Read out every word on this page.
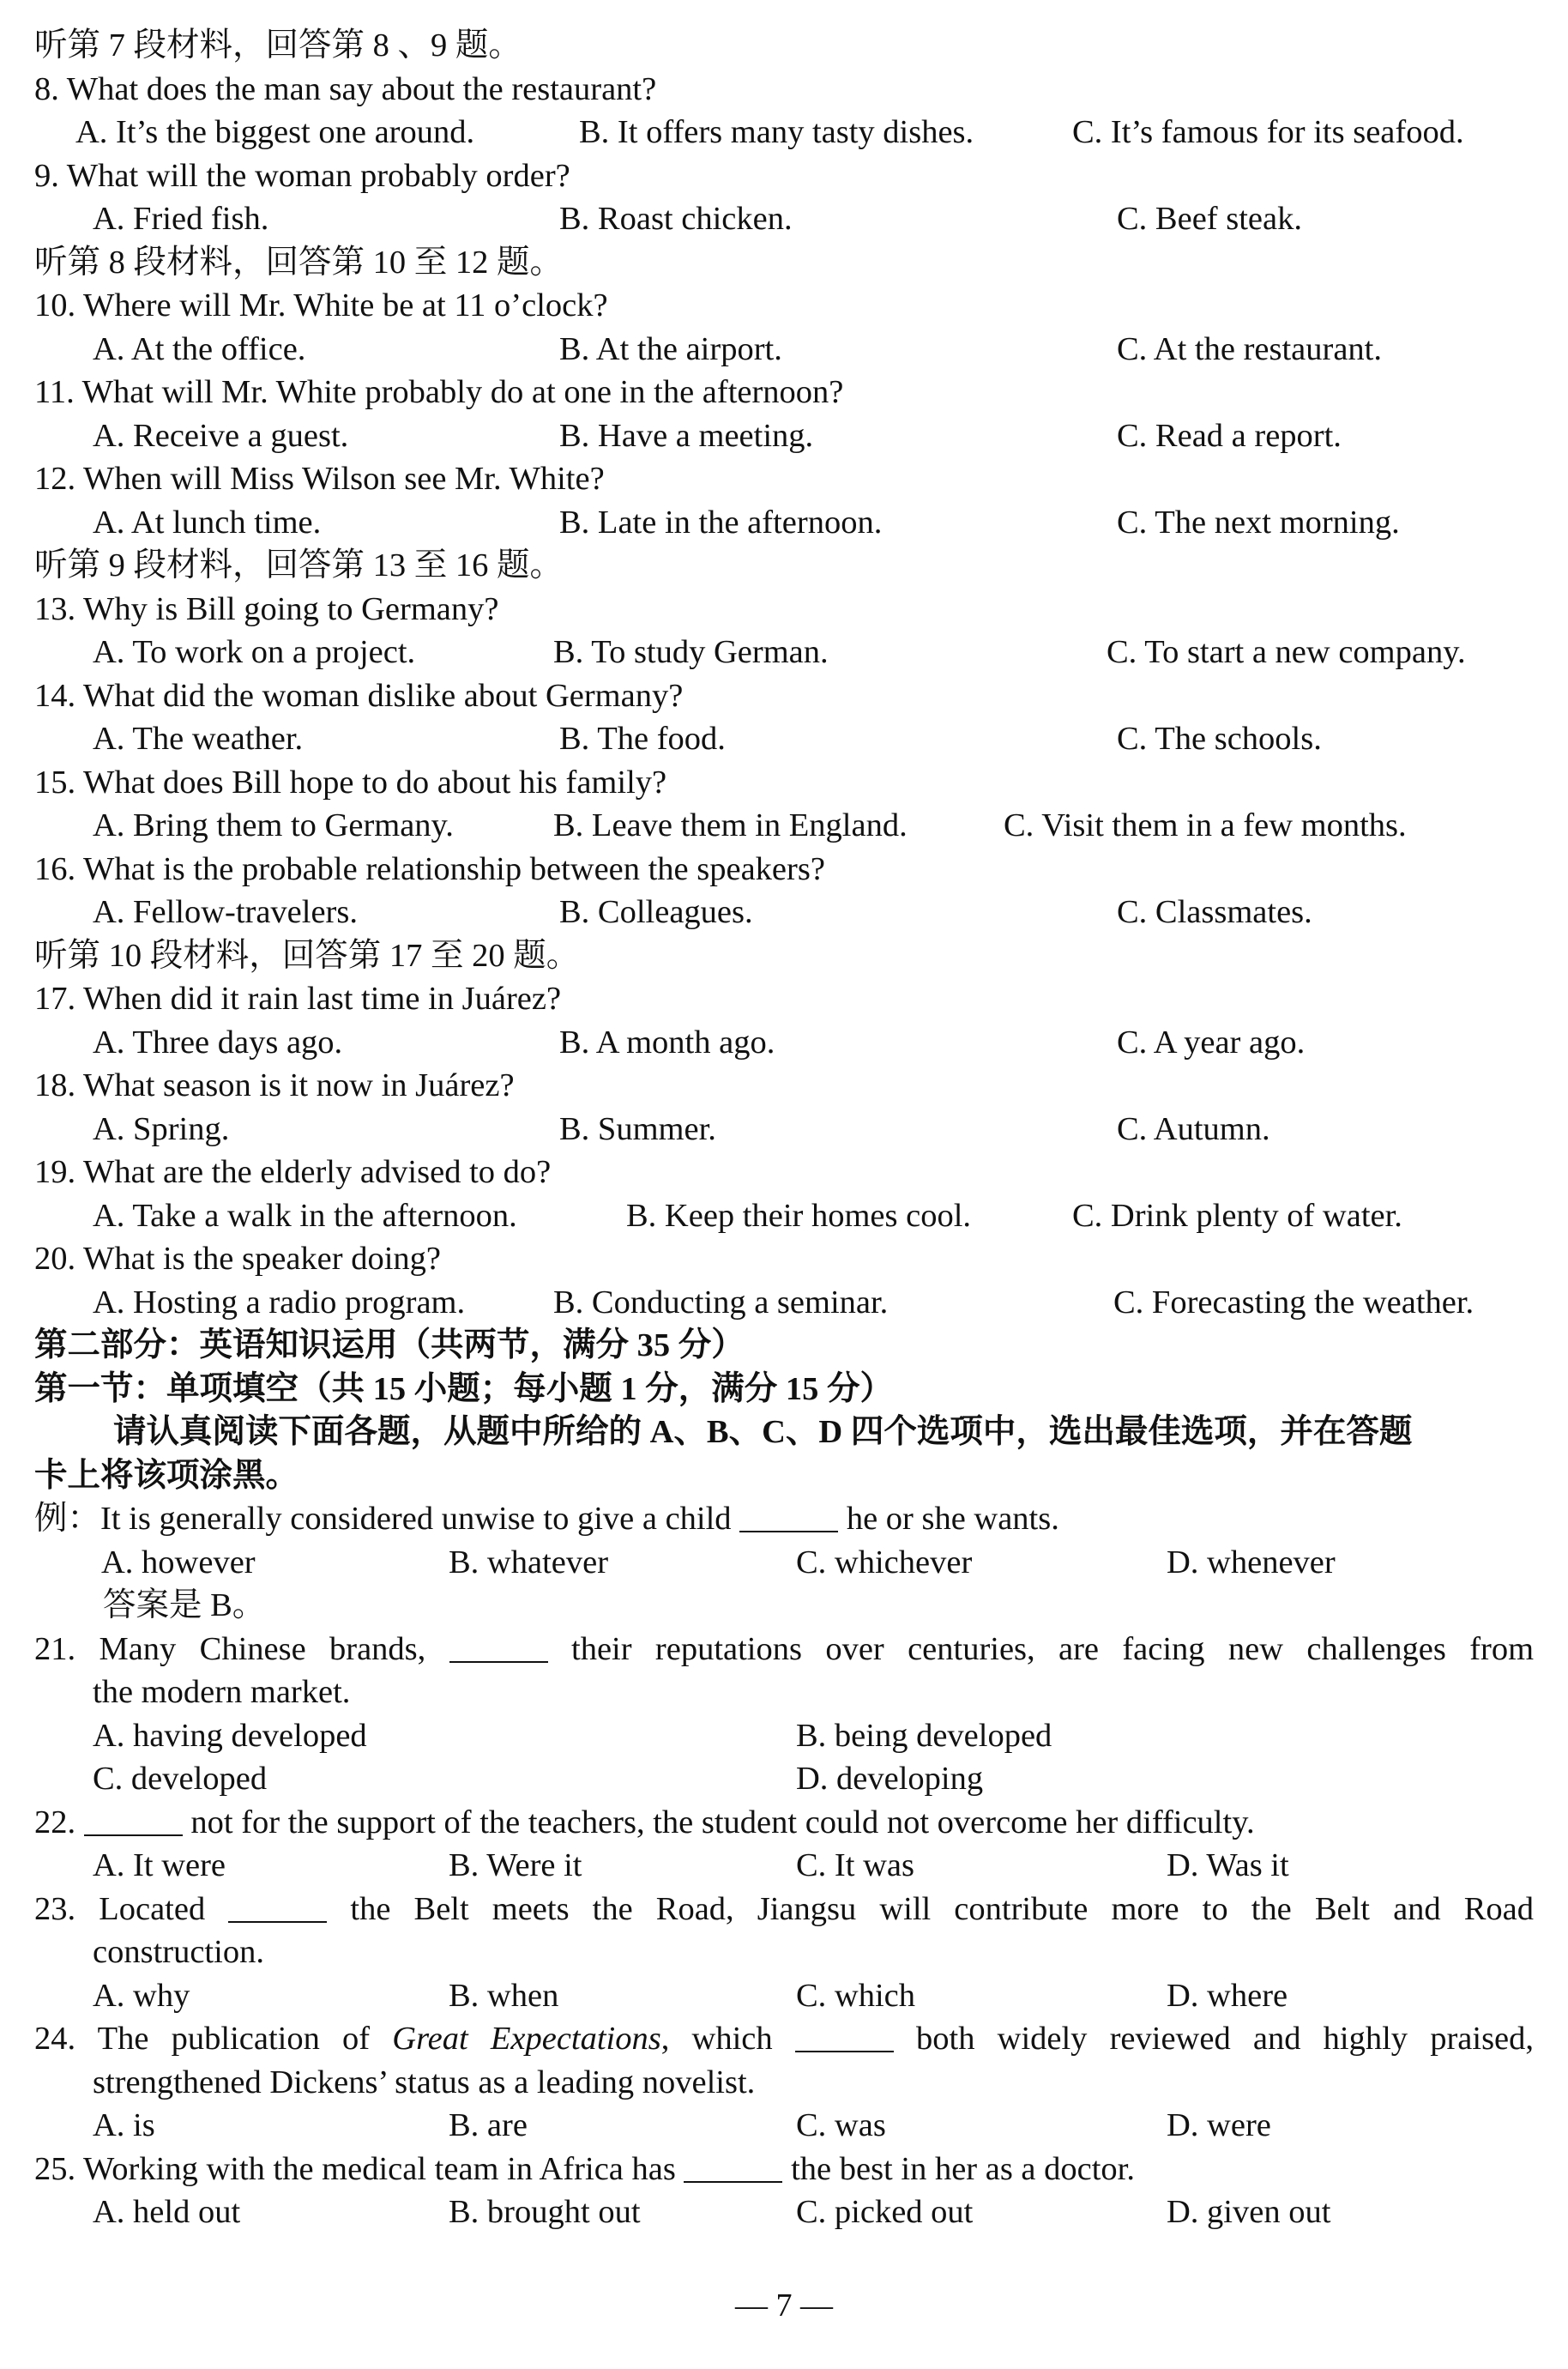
听第 7 段材料，回答第 8 、9 题。
8. What does the man say about the restaurant?
A. It’s the biggest one around.	B. It offers many tasty dishes.	C. It’s famous for its seafood.
9. What will the woman probably order?
A. Fried fish.	B. Roast chicken.	C. Beef steak.
听第 8 段材料，回答第 10 至 12 题。
10. Where will Mr. White be at 11 o’clock?
A. At the office.	B. At the airport.	C. At the restaurant.
11. What will Mr. White probably do at one in the afternoon?
A. Receive a guest.	B. Have a meeting.	C. Read a report.
12. When will Miss Wilson see Mr. White?
A. At lunch time.	B. Late in the afternoon.	C. The next morning.
听第 9 段材料，回答第 13 至 16 题。
13. Why is Bill going to Germany?
A. To work on a project.	B. To study German.	C. To start a new company.
14. What did the woman dislike about Germany?
A. The weather.	B. The food.	C. The schools.
15. What does Bill hope to do about his family?
A. Bring them to Germany.	B. Leave them in England.	C. Visit them in a few months.
16. What is the probable relationship between the speakers?
A. Fellow-travelers.	B. Colleagues.	C. Classmates.
听第 10 段材料，回答第 17 至 20 题。
17. When did it rain last time in Juárez?
A. Three days ago.	B. A month ago.	C. A year ago.
18. What season is it now in Juárez?
A. Spring.	B. Summer.	C. Autumn.
19. What are the elderly advised to do?
A. Take a walk in the afternoon.	B. Keep their homes cool.	C. Drink plenty of water.
20. What is the speaker doing?
A. Hosting a radio program.	B. Conducting a seminar.	C. Forecasting the weather.
第二部分：英语知识运用（共两节，满分 35 分）
第一节：单项填空（共 15 小题；每小题 1 分，满分 15 分）
请认真阅读下面各题，从题中所给的 A、B、C、D 四个选项中，选出最佳选项，并在答题
卡上将该项涂黑。
例：It is generally considered unwise to give a child	he or she wants.
A. however	B. whatever	C. whichever	D. whenever
答案是 B。
21. Many Chinese brands,	their reputations over centuries, are facing new challenges from
the modern market.
A. having developed	B. being developed
C. developed	D. developing
22.	not for the support of the teachers, the student could not overcome her difficulty.
A. It were	B. Were it	C. It was	D. Was it
23. Located	the Belt meets the Road, Jiangsu will contribute more to the Belt and Road
construction.
A. why	B. when	C. which	D. where
24. The publication of Great Expectations, which	both widely reviewed and highly praised,
strengthened Dickens’ status as a leading novelist.
A. is	B. are	C. was	D. were
25. Working with the medical team in Africa has	the best in her as a doctor.
A. held out	B. brought out	C. picked out	D. given out
— 7 —
